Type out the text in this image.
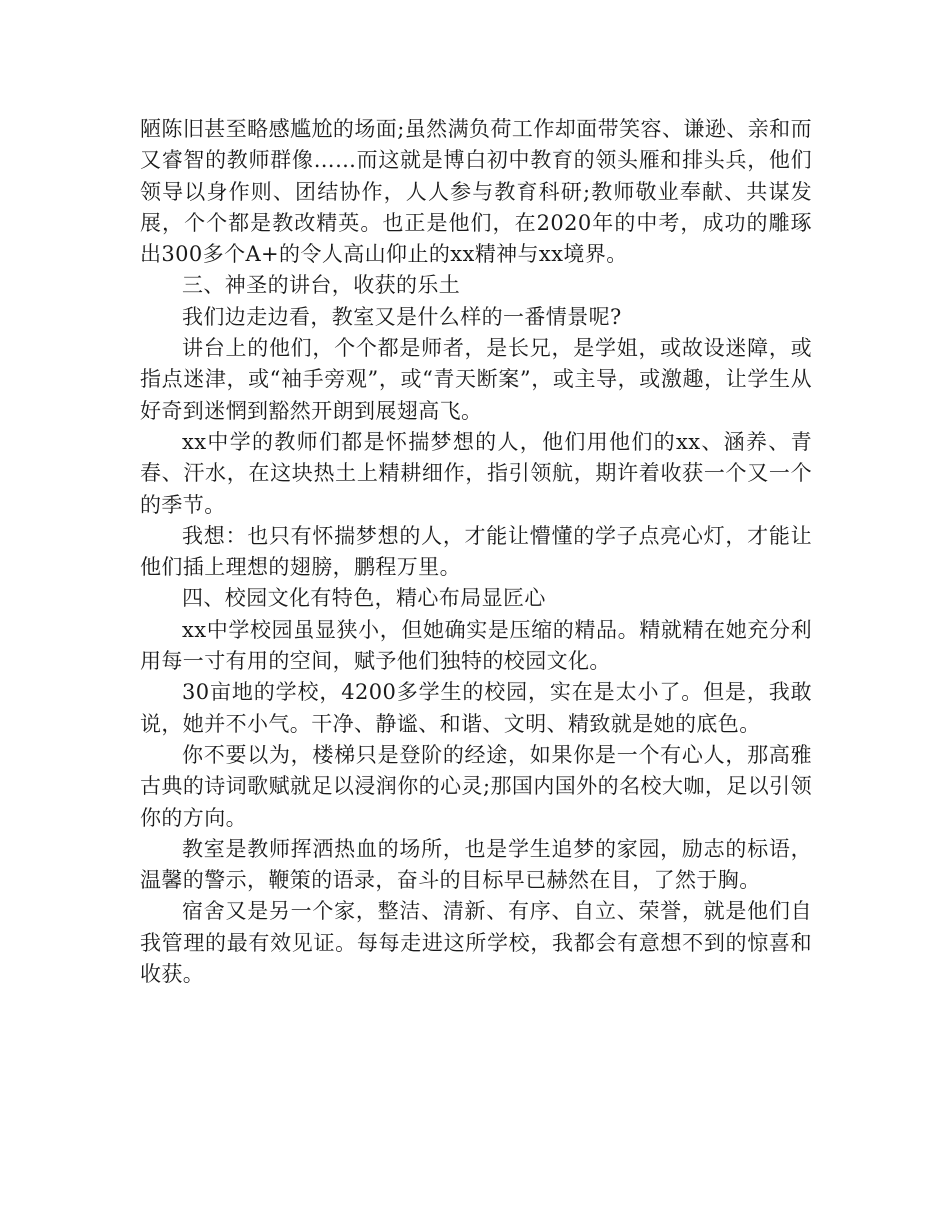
陋陈旧甚至略感尴尬的场面;虽然满负荷工作却面带笑容、谦逊、亲和而又睿智的教师群像……而这就是博白初中教育的领头雁和排头兵，他们领导以身作则、团结协作，人人参与教育科研;教师敬业奉献、共谋发展，个个都是教改精英。也正是他们，在2020年的中考，成功的雕琢出300多个A+的令人高山仰止的xx精神与xx境界。

三、神圣的讲台，收获的乐土

我们边走边看，教室又是什么样的一番情景呢?

讲台上的他们，个个都是师者，是长兄，是学姐，或故设迷障，或指点迷津，或“袖手旁观”，或“青天断案”，或主导，或激趣，让学生从好奇到迷惘到豁然开朗到展翅高飞。

xx中学的教师们都是怀揣梦想的人，他们用他们的xx、涵养、青春、汗水，在这块热土上精耕细作，指引领航，期许着收获一个又一个的季节。

我想：也只有怀揣梦想的人，才能让懵懂的学子点亮心灯，才能让他们插上理想的翅膀，鹏程万里。

四、校园文化有特色，精心布局显匠心

xx中学校园虽显狭小，但她确实是压缩的精品。精就精在她充分利用每一寸有用的空间，赋予他们独特的校园文化。

30亩地的学校，4200多学生的校园，实在是太小了。但是，我敢说，她并不小气。干净、静谧、和谐、文明、精致就是她的底色。

你不要以为，楼梯只是登阶的经途，如果你是一个有心人，那高雅古典的诗词歌赋就足以浸润你的心灵;那国内国外的名校大咖，足以引领你的方向。

教室是教师挥洒热血的场所，也是学生追梦的家园，励志的标语，温馨的警示，鞭策的语录，奋斗的目标早已赫然在目，了然于胸。

宿舍又是另一个家，整洁、清新、有序、自立、荣誉，就是他们自我管理的最有效见证。每每走进这所学校，我都会有意想不到的惊喜和收获。
